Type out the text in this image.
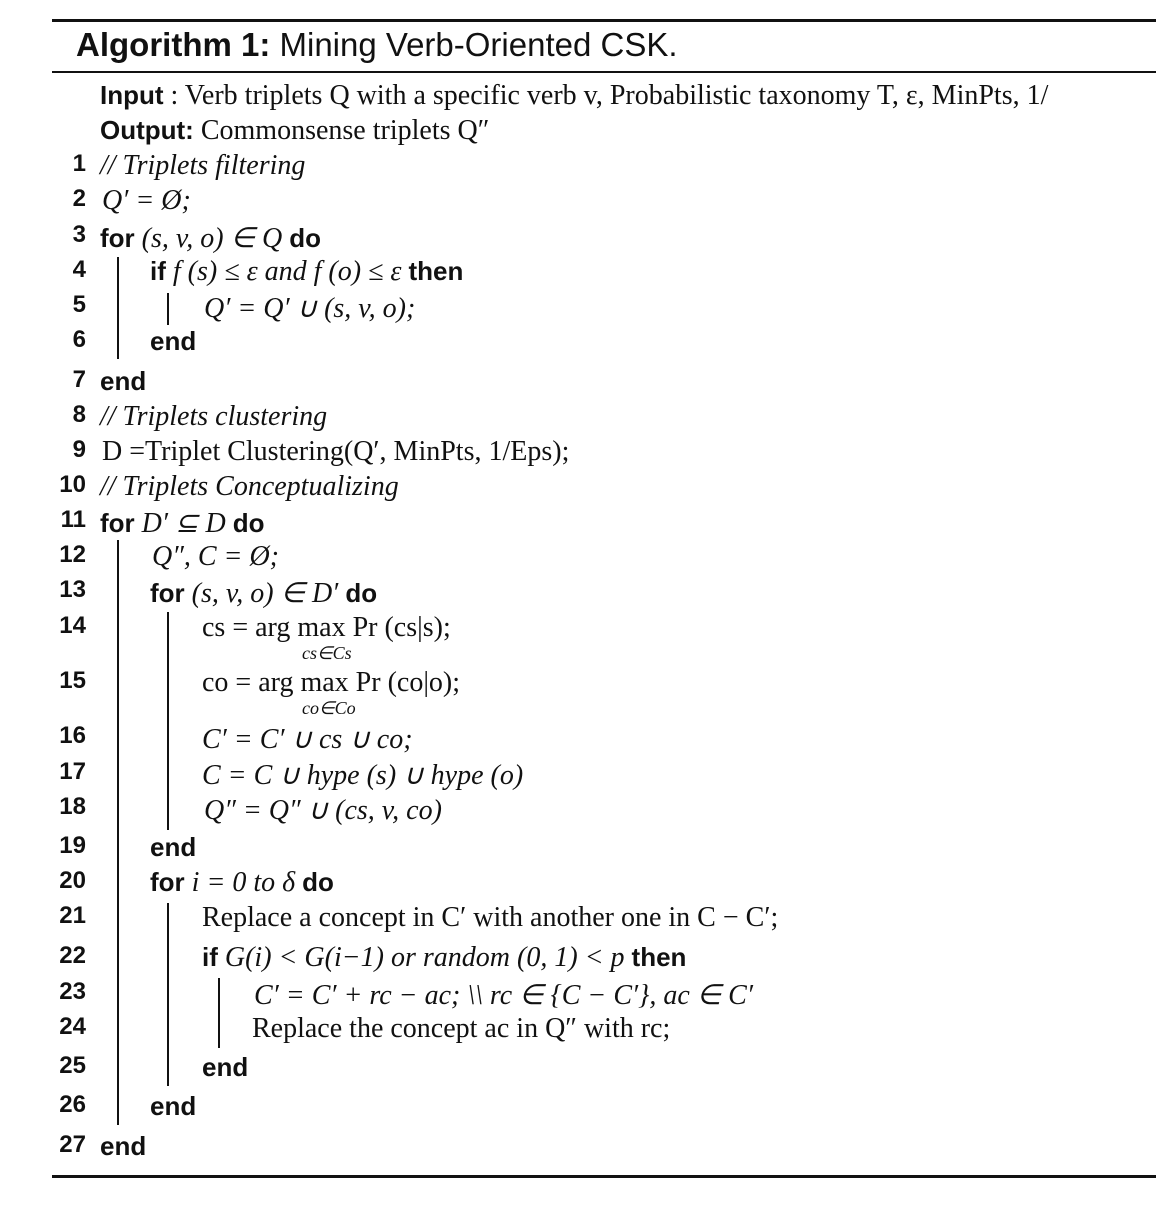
Algorithm 1: Mining Verb-Oriented CSK.
Input : Verb triplets Q with a specific verb v, Probabilistic taxonomy T, ε, MinPts, 1/
Output: Commonsense triplets Q″
1 // Triplets filtering
2 Q′ = Ø;
3 for (s, v, o) ∈ Q do
4 if f (s) ≤ ε and f (o) ≤ ε then
5	Q′ = Q′ ∪ (s, v, o);
6 end
7 end
8 // Triplets clustering
9 D =Triplet Clustering(Q′, MinPts, 1/Eps);
10 // Triplets Conceptualizing
11 for D′ ⊆ D do
12 Q″, C = Ø;
13 for (s, v, o) ∈ D′ do
14	cs = arg max Pr (cs|s);
cs∈Cs
15	co = arg max Pr (co|o);
co∈Co
16	C′ = C′ ∪ cs ∪ co;
17	C = C ∪ hype (s) ∪ hype (o)
18	Q″ = Q″ ∪ (cs, v, co)
19 end
20 for i = 0 to δ do
21	Replace a concept in C′ with another one in C − C′;
22	if G(i) < G(i−1) or random (0, 1) < p then
23	C′ = C′ + rc − ac; \\ rc ∈ {C − C′}, ac ∈ C′
24	Replace the concept ac in Q″ with rc;
25	end
26 end
27 end
